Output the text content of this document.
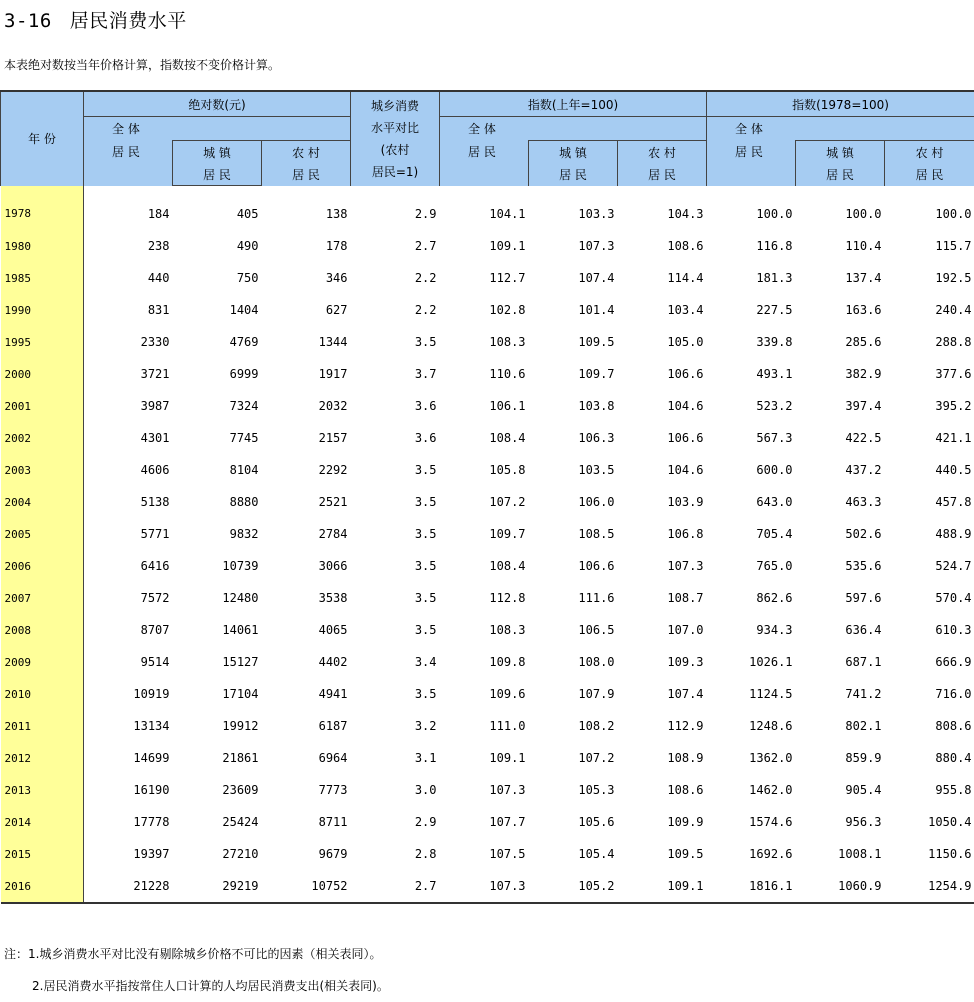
3-16 居民消费水平
本表绝对数按当年价格计算，指数按不变价格计算。
年 份	绝对数(元)			城乡消费
水平对比
(农村
居民=1)	指数(上年=100)			指数(1978=100)		
	全 体				全 体			全 体		

	居 民	城 镇	农 村		居 民	城 镇	农 村	居 民	城 镇	农 村
		居 民	居 民			居 民	居 民		居 民	居 民
1978	184	405	138	2.9	104.1	103.3	104.3	100.0	100.0	100.0
1980	238	490	178	2.7	109.1	107.3	108.6	116.8	110.4	115.7
1985	440	750	346	2.2	112.7	107.4	114.4	181.3	137.4	192.5
1990	831	1404	627	2.2	102.8	101.4	103.4	227.5	163.6	240.4
1995	2330	4769	1344	3.5	108.3	109.5	105.0	339.8	285.6	288.8
2000	3721	6999	1917	3.7	110.6	109.7	106.6	493.1	382.9	377.6
2001	3987	7324	2032	3.6	106.1	103.8	104.6	523.2	397.4	395.2
2002	4301	7745	2157	3.6	108.4	106.3	106.6	567.3	422.5	421.1
2003	4606	8104	2292	3.5	105.8	103.5	104.6	600.0	437.2	440.5
2004	5138	8880	2521	3.5	107.2	106.0	103.9	643.0	463.3	457.8
2005	5771	9832	2784	3.5	109.7	108.5	106.8	705.4	502.6	488.9
2006	6416	10739	3066	3.5	108.4	106.6	107.3	765.0	535.6	524.7
2007	7572	12480	3538	3.5	112.8	111.6	108.7	862.6	597.6	570.4
2008	8707	14061	4065	3.5	108.3	106.5	107.0	934.3	636.4	610.3
2009	9514	15127	4402	3.4	109.8	108.0	109.3	1026.1	687.1	666.9
2010	10919	17104	4941	3.5	109.6	107.9	107.4	1124.5	741.2	716.0
2011	13134	19912	6187	3.2	111.0	108.2	112.9	1248.6	802.1	808.6
2012	14699	21861	6964	3.1	109.1	107.2	108.9	1362.0	859.9	880.4
2013	16190	23609	7773	3.0	107.3	105.3	108.6	1462.0	905.4	955.8
2014	17778	25424	8711	2.9	107.7	105.6	109.9	1574.6	956.3	1050.4
2015	19397	27210	9679	2.8	107.5	105.4	109.5	1692.6	1008.1	1150.6
2016	21228	29219	10752	2.7	107.3	105.2	109.1	1816.1	1060.9	1254.9
注：1.城乡消费水平对比没有剔除城乡价格不可比的因素（相关表同）。
2.居民消费水平指按常住人口计算的人均居民消费支出(相关表同)。
